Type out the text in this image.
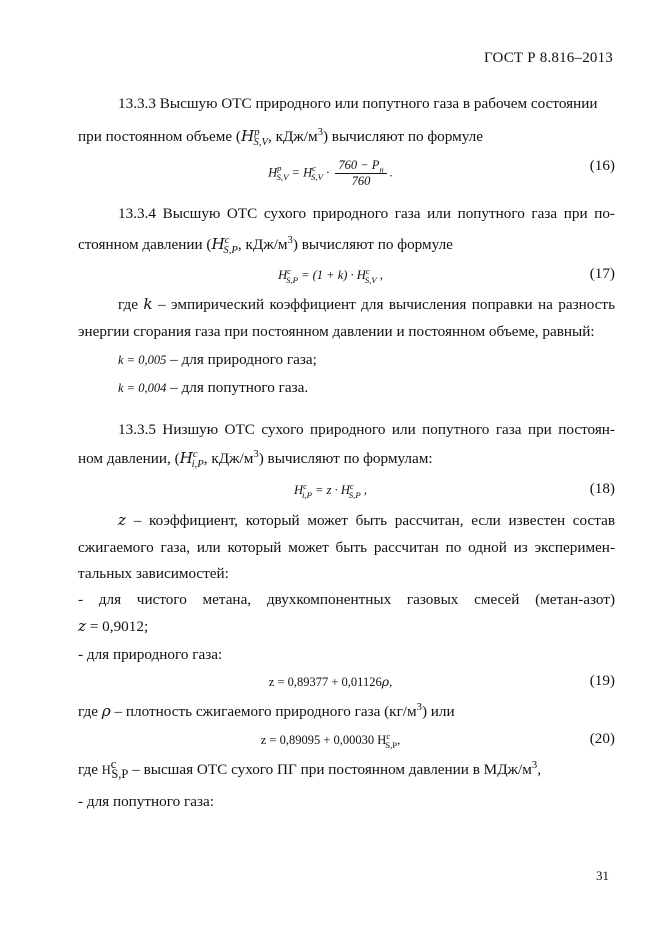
ГОСТ Р 8.816–2013
13.3.3 Высшую ОТС природного или попутного газа в рабочем состоянии
при постоянном объеме ($H^p_{S,V}$, кДж/$м^3$) вычисляют по формуле
$H^p_{S,V} = H^c_{S,V} \cdot \frac{760 - P_п}{760}$ .	(16)
13.3.4 Высшую ОТС сухого природного газа или попутного газа при по-
стоянном давлении ($H^c_{S,P}$, кДж/$м^3$) вычисляют по формуле
$H^c_{S,P} = (1 + k) \cdot H^c_{S,V}$ ,	(17)
где k – эмпирический коэффициент для вычисления поправки на разность
энергии сгорания газа при постоянном давлении и постоянном объеме, равный:
k = 0,005 – для природного газа;
k = 0,004 – для попутного газа.
13.3.5 Низшую ОТС сухого природного или попутного газа при постоян-
ном давлении, ($H^c_{i,P}$, кДж/$м^3$) вычисляют по формулам:
$H^c_{i,P} = z \cdot H^c_{S,P}$ ,	(18)
z – коэффициент, который может быть рассчитан, если известен состав
сжигаемого газа, или который может быть рассчитан по одной из эксперимен-
тальных зависимостей:
- для чистого метана, двухкомпонентных газовых смесей (метан-азот)
z = 0,9012;
- для природного газа:
z = 0,89377 + 0,01126ρ,	(19)
где ρ – плотность сжигаемого природного газа $(кг/м^3)$ или
z = 0,89095 + 0,00030 $H^c_{S,P}$,	(20)
где $H^c_{S,P}$ – высшая ОТС сухого ПГ при постоянном давлении в МДж/$м^3$,
- для попутного газа:
31
